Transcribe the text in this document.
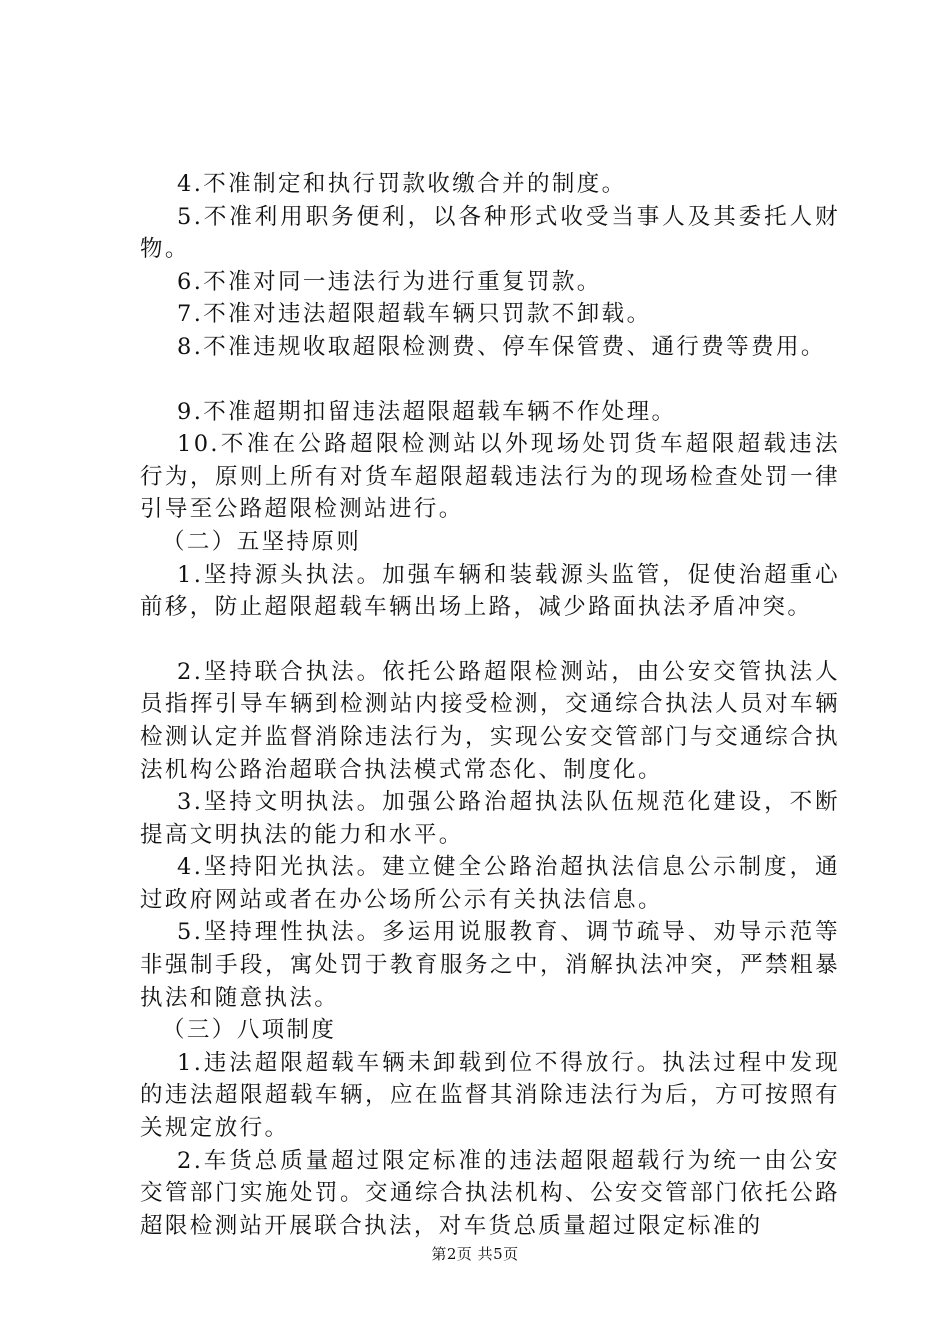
4.不准制定和执行罚款收缴合并的制度。

5.不准利用职务便利，以各种形式收受当事人及其委托人财物。

6.不准对同一违法行为进行重复罚款。

7.不准对违法超限超载车辆只罚款不卸载。

8.不准违规收取超限检测费、停车保管费、通行费等费用。

9.不准超期扣留违法超限超载车辆不作处理。

10.不准在公路超限检测站以外现场处罚货车超限超载违法行为，原则上所有对货车超限超载违法行为的现场检查处罚一律引导至公路超限检测站进行。

（二）五坚持原则

1.坚持源头执法。加强车辆和装载源头监管，促使治超重心前移，防止超限超载车辆出场上路，减少路面执法矛盾冲突。

2.坚持联合执法。依托公路超限检测站，由公安交管执法人员指挥引导车辆到检测站内接受检测，交通综合执法人员对车辆检测认定并监督消除违法行为，实现公安交管部门与交通综合执法机构公路治超联合执法模式常态化、制度化。

3.坚持文明执法。加强公路治超执法队伍规范化建设，不断提高文明执法的能力和水平。

4.坚持阳光执法。建立健全公路治超执法信息公示制度，通过政府网站或者在办公场所公示有关执法信息。

5.坚持理性执法。多运用说服教育、调节疏导、劝导示范等非强制手段，寓处罚于教育服务之中，消解执法冲突，严禁粗暴执法和随意执法。

（三）八项制度

1.违法超限超载车辆未卸载到位不得放行。执法过程中发现的违法超限超载车辆，应在监督其消除违法行为后，方可按照有关规定放行。

2.车货总质量超过限定标准的违法超限超载行为统一由公安交管部门实施处罚。交通综合执法机构、公安交管部门依托公路超限检测站开展联合执法，对车货总质量超过限定标准的

第2页 共5页
